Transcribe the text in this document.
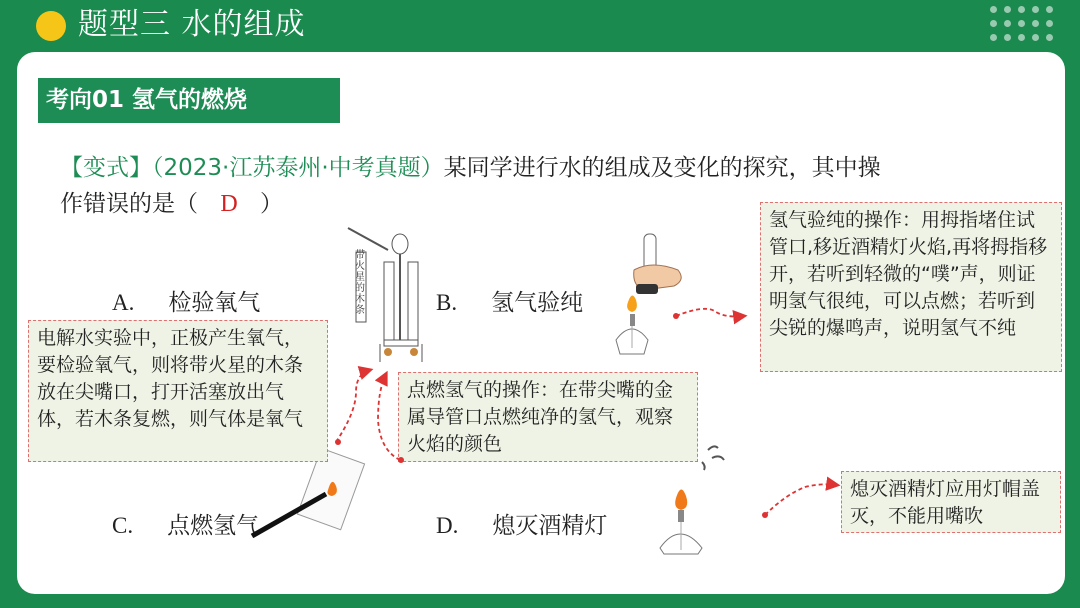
题型三 水的组成
考向01 氢气的燃烧
【变式】（2023·江苏泰州·中考真题）某同学进行水的组成及变化的探究，其中操
作错误的是（ D ）
A. 检验氧气	B. 氢气验纯
C. 点燃氢气	D. 熄灭酒精灯
带火星的木条
电解水实验中，正极产生氧气，要检验氧气，则将带火星的木条放在尖嘴口，打开活塞放出气体，若木条复燃，则气体是氧气
氢气验纯的操作：用拇指堵住试管口,移近酒精灯火焰,再将拇指移开，若听到轻微的“噗”声，则证明氢气很纯，可以点燃；若听到尖锐的爆鸣声，说明氢气不纯
点燃氢气的操作：在带尖嘴的金属导管口点燃纯净的氢气，观察火焰的颜色
熄灭酒精灯应用灯帽盖灭，不能用嘴吹
